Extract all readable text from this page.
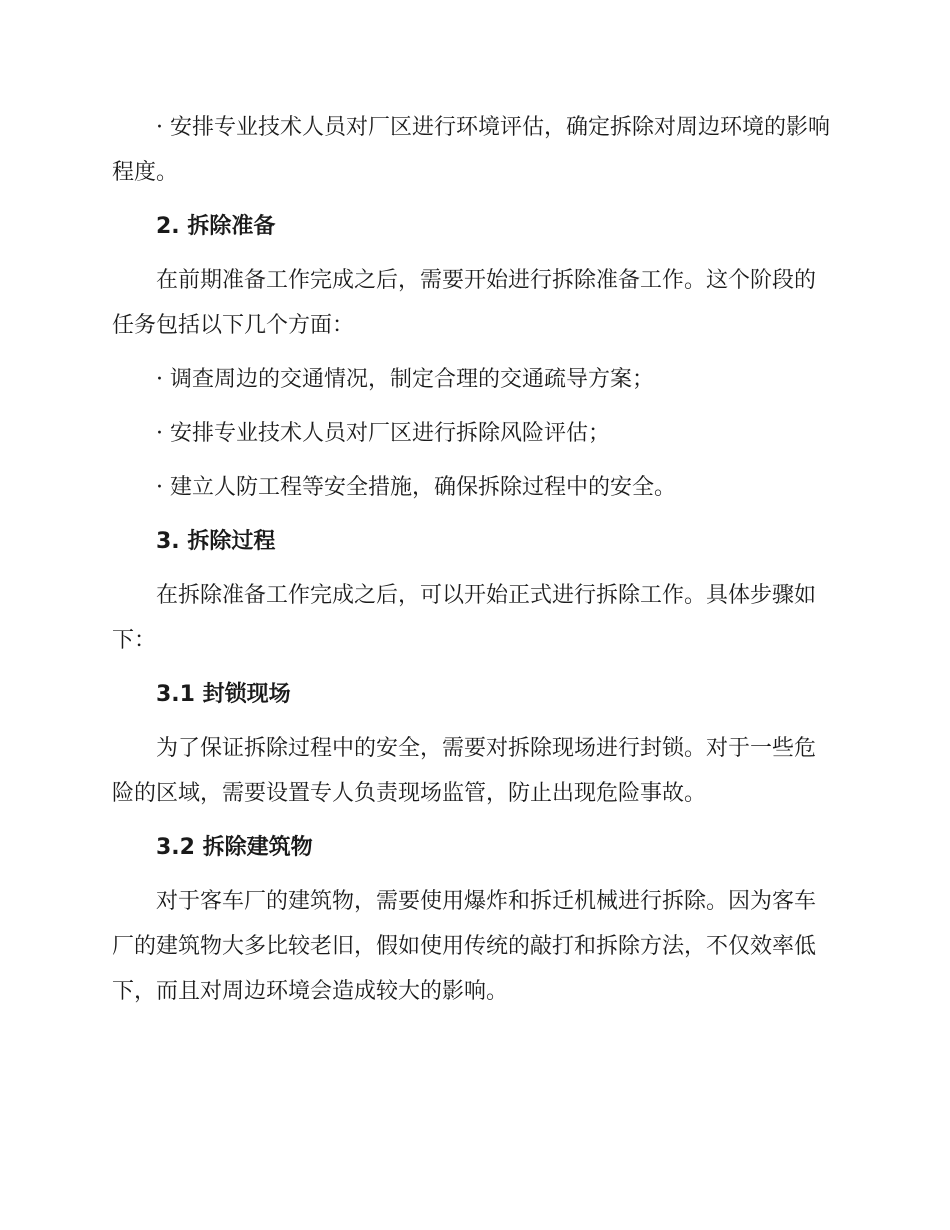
· 安排专业技术人员对厂区进行环境评估，确定拆除对周边环境的影响程度。

2. 拆除准备

在前期准备工作完成之后，需要开始进行拆除准备工作。这个阶段的任务包括以下几个方面：

· 调查周边的交通情况，制定合理的交通疏导方案；

· 安排专业技术人员对厂区进行拆除风险评估；

· 建立人防工程等安全措施，确保拆除过程中的安全。

3. 拆除过程

在拆除准备工作完成之后，可以开始正式进行拆除工作。具体步骤如下：

3.1 封锁现场

为了保证拆除过程中的安全，需要对拆除现场进行封锁。对于一些危险的区域，需要设置专人负责现场监管，防止出现危险事故。

3.2 拆除建筑物

对于客车厂的建筑物，需要使用爆炸和拆迁机械进行拆除。因为客车厂的建筑物大多比较老旧，假如使用传统的敲打和拆除方法，不仅效率低下，而且对周边环境会造成较大的影响。
